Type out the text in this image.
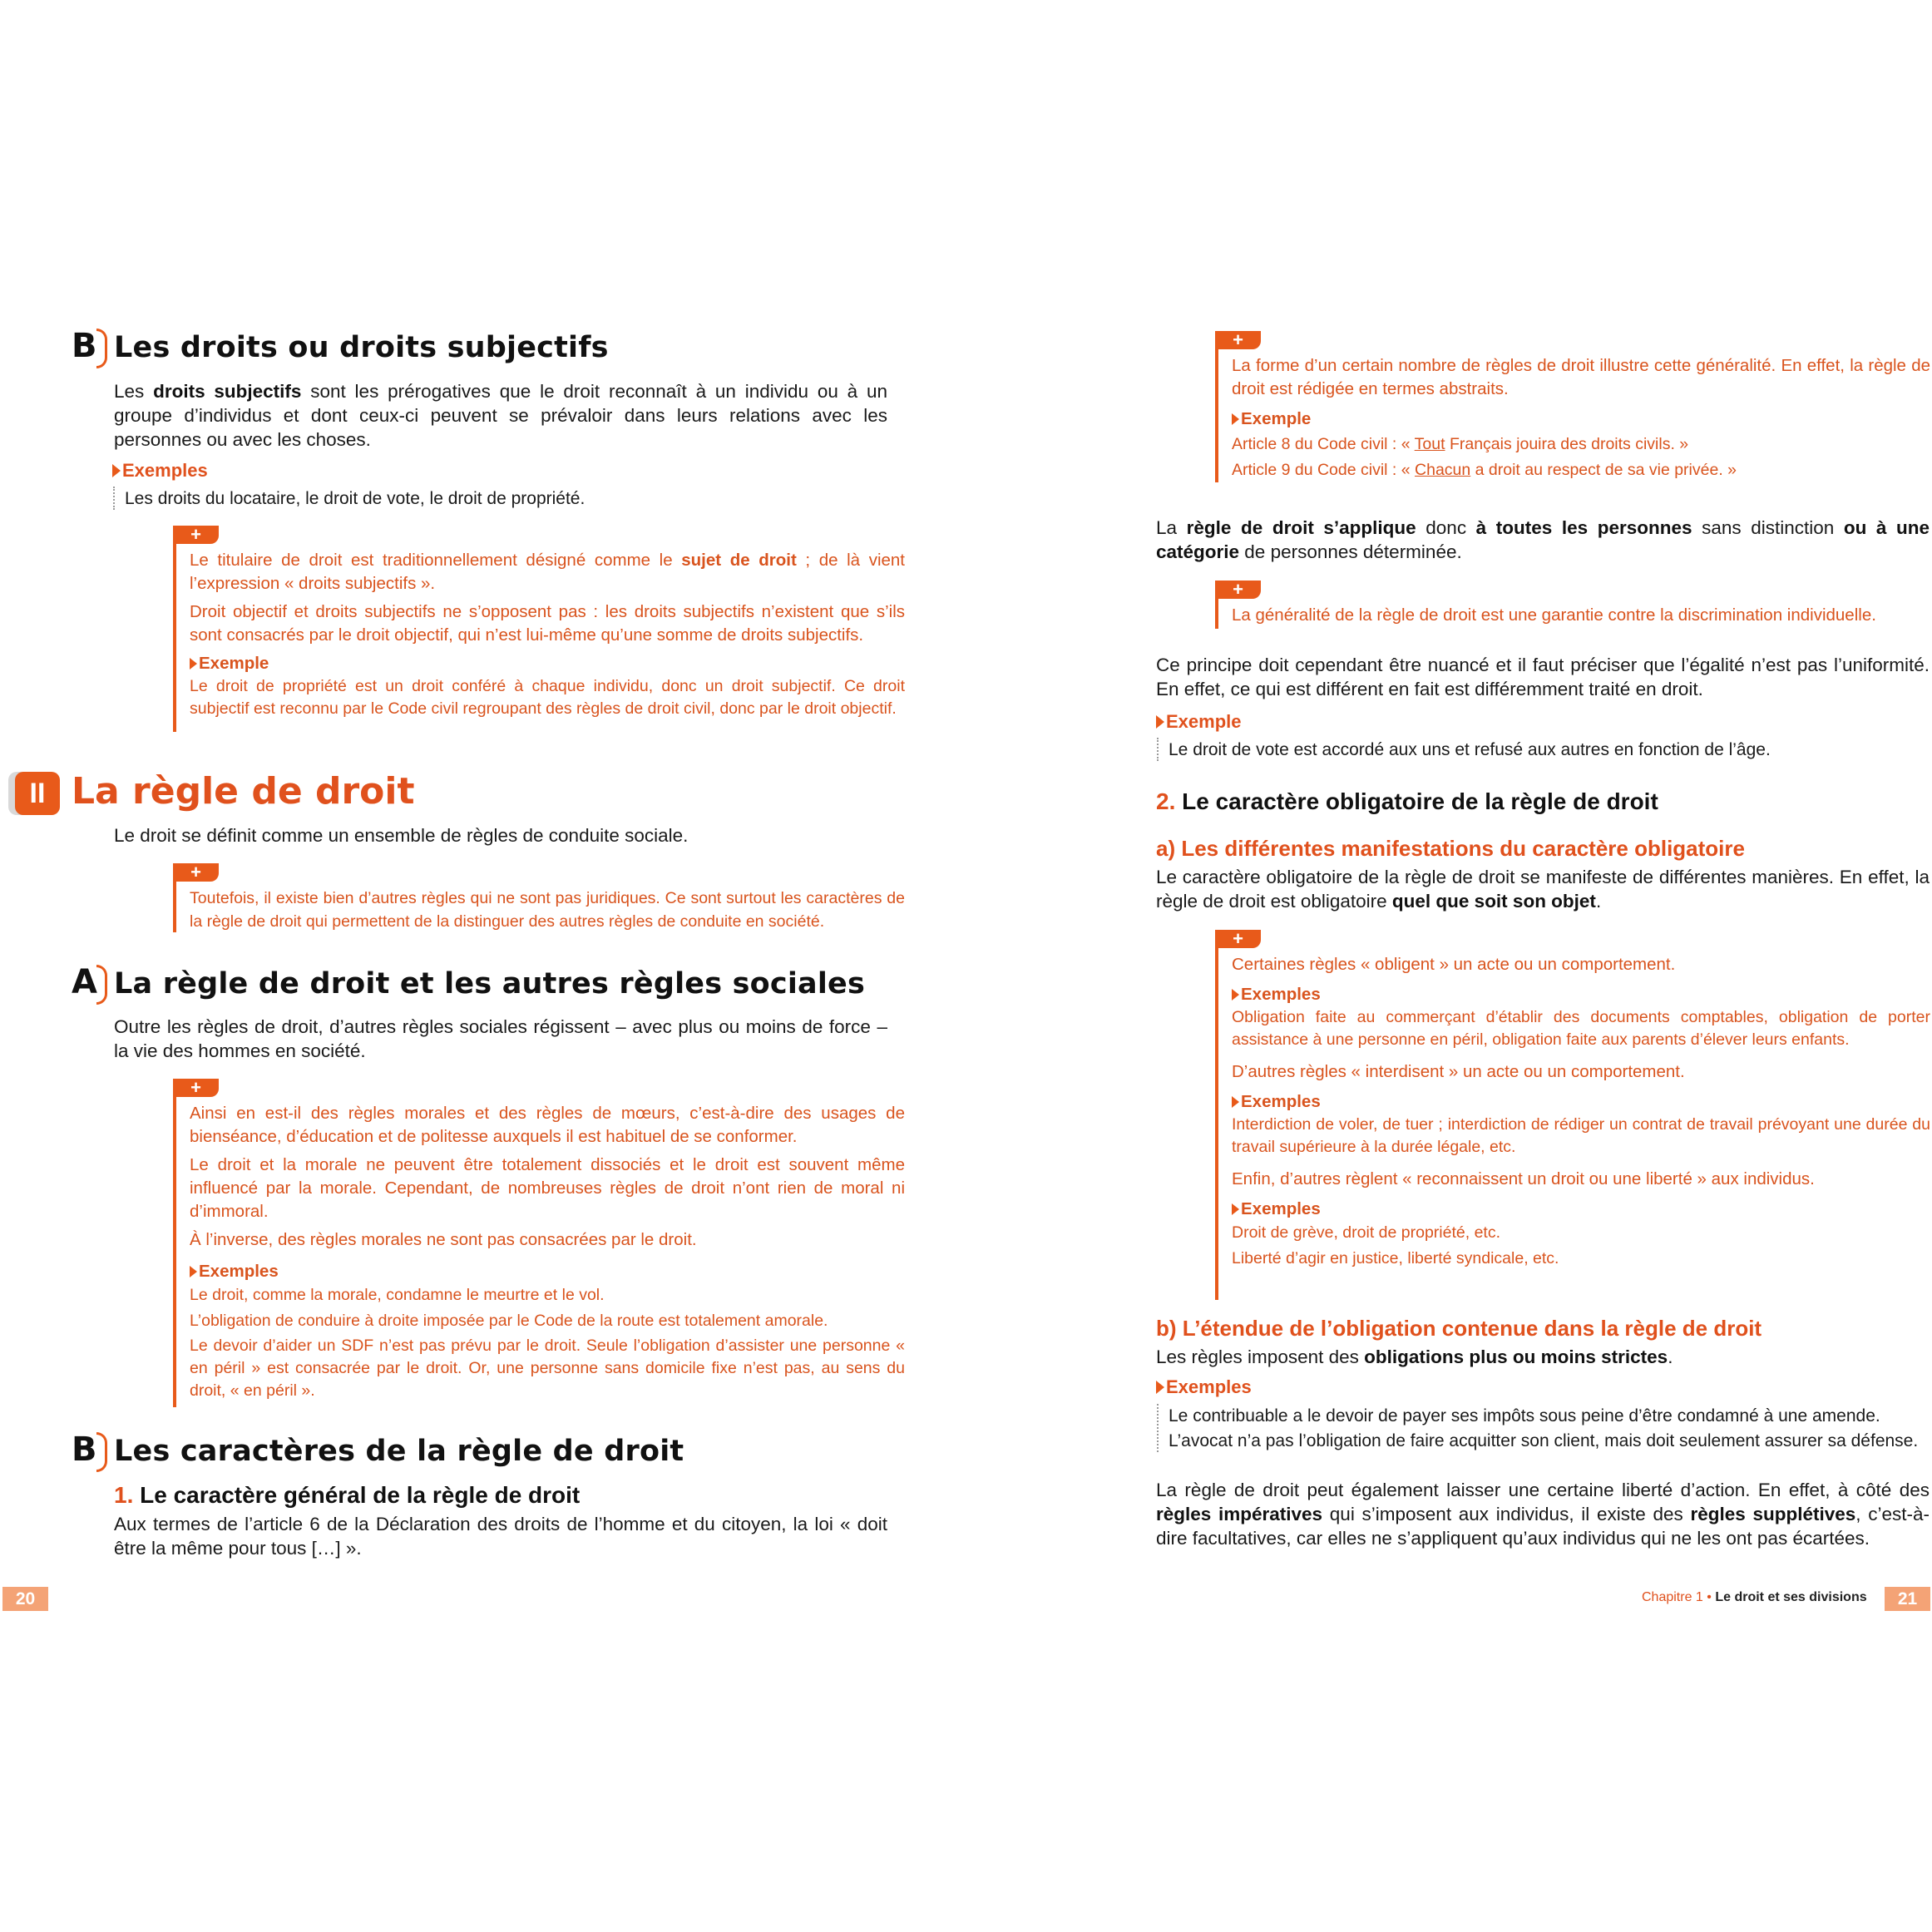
B Les droits ou droits subjectifs
Les droits subjectifs sont les prérogatives que le droit reconnaît à un individu ou à un groupe d’individus et dont ceux-ci peuvent se prévaloir dans leurs relations avec les personnes ou avec les choses.
Exemples
Les droits du locataire, le droit de vote, le droit de propriété.
+

Le titulaire de droit est traditionnellement désigné comme le sujet de droit ; de là vient l’expression « droits subjectifs ».

Droit objectif et droits subjectifs ne s’opposent pas : les droits subjectifs n’existent que s’ils sont consacrés par le droit objectif, qui n’est lui-même qu’une somme de droits subjectifs.

Exemple

Le droit de propriété est un droit conféré à chaque individu, donc un droit subjectif. Ce droit subjectif est reconnu par le Code civil regroupant des règles de droit civil, donc par le droit objectif.

II La règle de droit
Le droit se définit comme un ensemble de règles de conduite sociale.
+

Toutefois, il existe bien d’autres règles qui ne sont pas juridiques. Ce sont surtout les caractères de la règle de droit qui permettent de la distinguer des autres règles de conduite en société.

A La règle de droit et les autres règles sociales
Outre les règles de droit, d’autres règles sociales régissent – avec plus ou moins de force – la vie des hommes en société.
+

Ainsi en est-il des règles morales et des règles de mœurs, c’est-à-dire des usages de bienséance, d’éducation et de politesse auxquels il est habituel de se conformer.

Le droit et la morale ne peuvent être totalement dissociés et le droit est souvent même influencé par la morale. Cependant, de nombreuses règles de droit n’ont rien de moral ni d’immoral.

À l’inverse, des règles morales ne sont pas consacrées par le droit.

Exemples

Le droit, comme la morale, condamne le meurtre et le vol.

L’obligation de conduire à droite imposée par le Code de la route est totalement amorale.

Le devoir d’aider un SDF n’est pas prévu par le droit. Seule l’obligation d’assister une personne « en péril » est consacrée par le droit. Or, une personne sans domicile fixe n’est pas, au sens du droit, « en péril ».

B Les caractères de la règle de droit
1. Le caractère général de la règle de droit
Aux termes de l’article 6 de la Déclaration des droits de l’homme et du citoyen, la loi « doit être la même pour tous […] ».
20
+

La forme d’un certain nombre de règles de droit illustre cette généralité. En effet, la règle de droit est rédigée en termes abstraits.

Exemple

Article 8 du Code civil : « Tout Français jouira des droits civils. »

Article 9 du Code civil : « Chacun a droit au respect de sa vie privée. »

La règle de droit s’applique donc à toutes les personnes sans distinction ou à une catégorie de personnes déterminée.
+

La généralité de la règle de droit est une garantie contre la discrimination individuelle.

Ce principe doit cependant être nuancé et il faut préciser que l’égalité n’est pas l’uniformité. En effet, ce qui est différent en fait est différemment traité en droit.
Exemple
Le droit de vote est accordé aux uns et refusé aux autres en fonction de l’âge.
2. Le caractère obligatoire de la règle de droit
a) Les différentes manifestations du caractère obligatoire
Le caractère obligatoire de la règle de droit se manifeste de différentes manières. En effet, la règle de droit est obligatoire quel que soit son objet.
+

Certaines règles « obligent » un acte ou un comportement.

Exemples

Obligation faite au commerçant d’établir des documents comptables, obligation de porter assistance à une personne en péril, obligation faite aux parents d’élever leurs enfants.

D’autres règles « interdisent » un acte ou un comportement.

Exemples

Interdiction de voler, de tuer ; interdiction de rédiger un contrat de travail prévoyant une durée du travail supérieure à la durée légale, etc.

Enfin, d’autres règlent « reconnaissent un droit ou une liberté » aux individus.

Exemples

Droit de grève, droit de propriété, etc.

Liberté d’agir en justice, liberté syndicale, etc.

b) L’étendue de l’obligation contenue dans la règle de droit
Les règles imposent des obligations plus ou moins strictes.
Exemples
Le contribuable a le devoir de payer ses impôts sous peine d’être condamné à une amende.
L’avocat n’a pas l’obligation de faire acquitter son client, mais doit seulement assurer sa défense.
La règle de droit peut également laisser une certaine liberté d’action. En effet, à côté des règles impératives qui s’imposent aux individus, il existe des règles supplétives, c’est-à-dire facultatives, car elles ne s’appliquent qu’aux individus qui ne les ont pas écartées.
Chapitre 1 • Le droit et ses divisions	21
